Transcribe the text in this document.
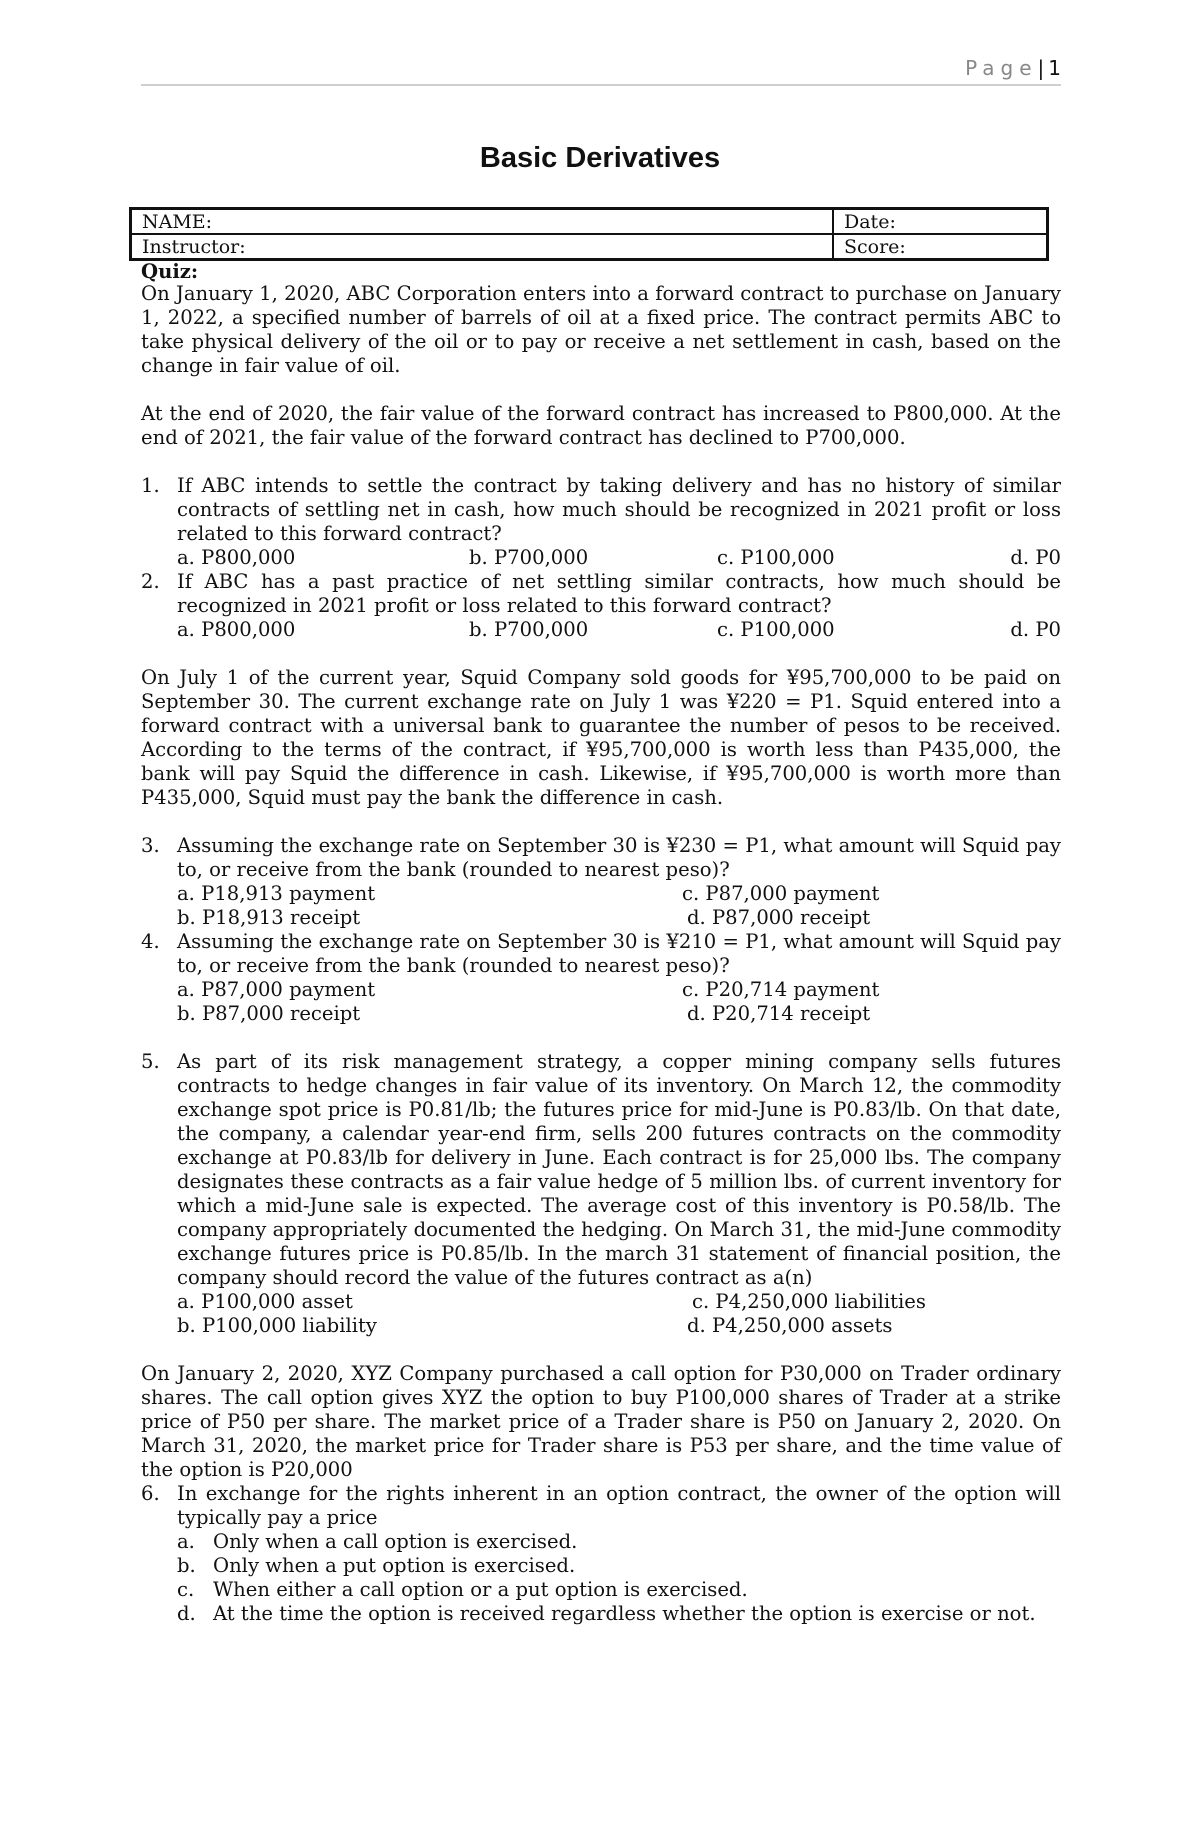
Page| 1
Basic Derivatives
NAME:	Date:
Instructor:	Score:
Quiz:

On January 1, 2020, ABC Corporation enters into a forward contract to purchase on January 1, 2022, a specified number of barrels of oil at a fixed price. The contract permits ABC to take physical delivery of the oil or to pay or receive a net settlement in cash, based on the change in fair value of oil.

At the end of 2020, the fair value of the forward contract has increased to P800,000. At the end of 2021, the fair value of the forward contract has declined to P700,000.

1. If ABC intends to settle the contract by taking delivery and has no history of similar contracts of settling net in cash, how much should be recognized in 2021 profit or loss related to this forward contract?
a. P800,000	b. P700,000	c. P100,000	d. P0
2. If ABC has a past practice of net settling similar contracts, how much should be recognized in 2021 profit or loss related to this forward contract?
a. P800,000	b. P700,000	c. P100,000	d. P0

On July 1 of the current year, Squid Company sold goods for ¥95,700,000 to be paid on September 30. The current exchange rate on July 1 was ¥220 = P1. Squid entered into a forward contract with a universal bank to guarantee the number of pesos to be received. According to the terms of the contract, if ¥95,700,000 is worth less than P435,000, the bank will pay Squid the difference in cash. Likewise, if ¥95,700,000 is worth more than P435,000, Squid must pay the bank the difference in cash.

3. Assuming the exchange rate on September 30 is ¥230 = P1, what amount will Squid pay to, or receive from the bank (rounded to nearest peso)?
a. P18,913 payment	c. P87,000 payment
b. P18,913 receipt	d. P87,000 receipt
4. Assuming the exchange rate on September 30 is ¥210 = P1, what amount will Squid pay to, or receive from the bank (rounded to nearest peso)?
a. P87,000 payment	c. P20,714 payment
b. P87,000 receipt	d. P20,714 receipt
5. As part of its risk management strategy, a copper mining company sells futures contracts to hedge changes in fair value of its inventory. On March 12, the commodity exchange spot price is P0.81/lb; the futures price for mid-June is P0.83/lb. On that date, the company, a calendar year-end firm, sells 200 futures contracts on the commodity exchange at P0.83/lb for delivery in June. Each contract is for 25,000 lbs. The company designates these contracts as a fair value hedge of 5 million lbs. of current inventory for which a mid-June sale is expected. The average cost of this inventory is P0.58/lb. The company appropriately documented the hedging. On March 31, the mid-June commodity exchange futures price is P0.85/lb. In the march 31 statement of financial position, the company should record the value of the futures contract as a(n)
a. P100,000 asset	c. P4,250,000 liabilities
b. P100,000 liability	d. P4,250,000 assets

On January 2, 2020, XYZ Company purchased a call option for P30,000 on Trader ordinary shares. The call option gives XYZ the option to buy P100,000 shares of Trader at a strike price of P50 per share. The market price of a Trader share is P50 on January 2, 2020. On March 31, 2020, the market price for Trader share is P53 per share, and the time value of the option is P20,000

6. In exchange for the rights inherent in an option contract, the owner of the option will typically pay a price
a. Only when a call option is exercised.
b. Only when a put option is exercised.
c. When either a call option or a put option is exercised.
d. At the time the option is received regardless whether the option is exercise or not.
